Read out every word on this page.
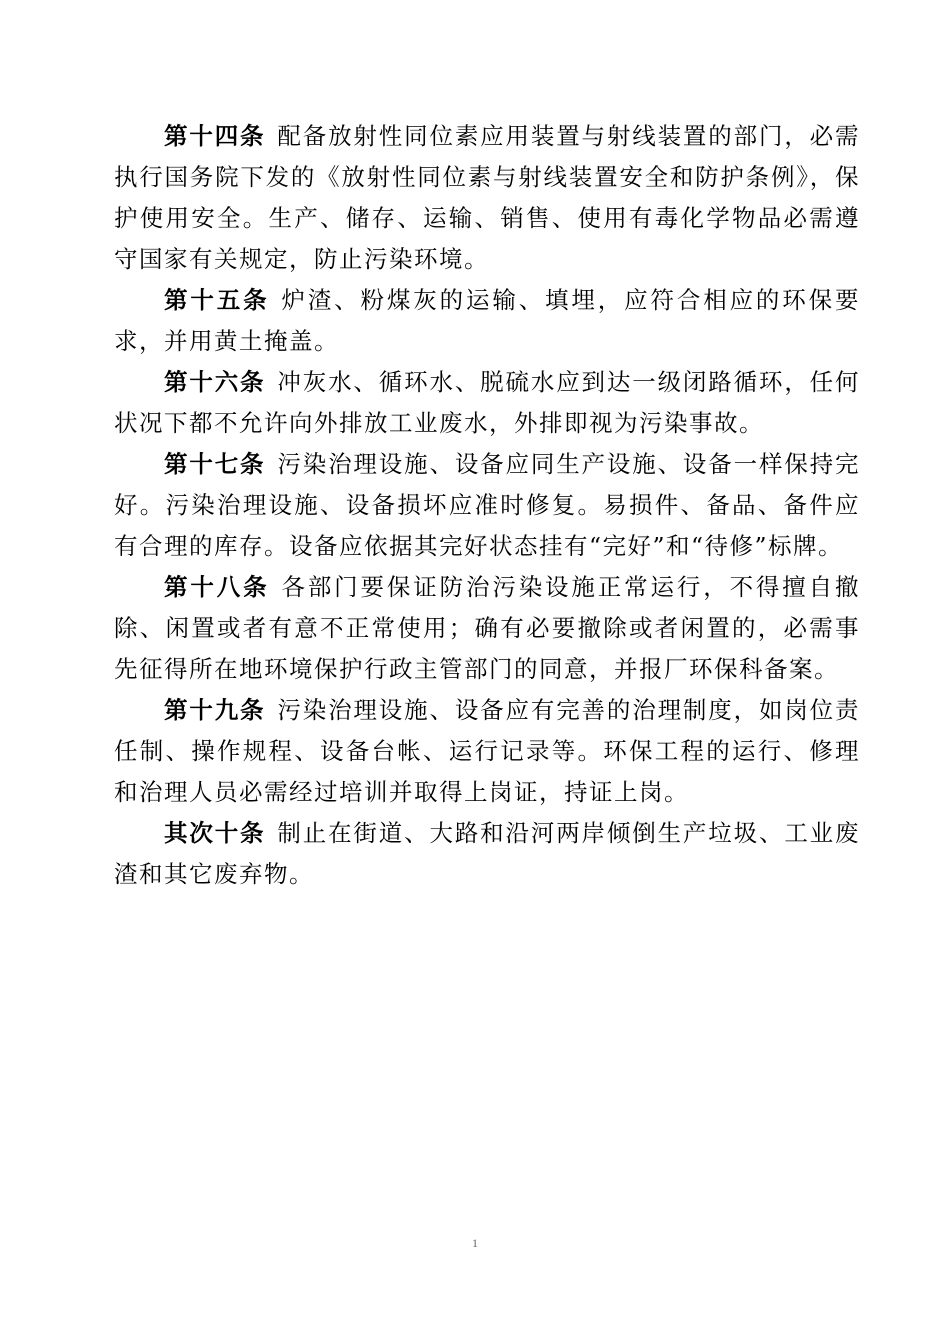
第十四条 配备放射性同位素应用装置与射线装置的部门，必需执行国务院下发的《放射性同位素与射线装置安全和防护条例》，保 护使用安全。生产、储存、运输、销售、使用有毒化学物品必需遵守国家有关规定，防止污染环境。

第十五条 炉渣、粉煤灰的运输、填埋，应符合相应的环保要求，并用黄土掩盖。

第十六条 冲灰水、循环水、脱硫水应到达一级闭路循环，任何状况下都不允许向外排放工业废水，外排即视为污染事故。

第十七条 污染治理设施、设备应同生产设施、设备一样保持完好。污染治理设施、设备损坏应准时修复。易损件、备品、备件应有合理的库存。设备应依据其完好状态挂有“完好”和“待修”标牌。

第十八条 各部门要保证防治污染设施正常运行，不得擅自撤除、闲置或者有意不正常使用；确有必要撤除或者闲置的，必需事先征得所在地环境保护行政主管部门的同意，并报厂环保科备案。

第十九条 污染治理设施、设备应有完善的治理制度，如岗位责任制、操作规程、设备台帐、运行记录等。环保工程的运行、修理和治理人员必需经过培训并取得上岗证，持证上岗。

其次十条 制止在街道、大路和沿河两岸倾倒生产垃圾、工业废渣和其它废弃物。

1
